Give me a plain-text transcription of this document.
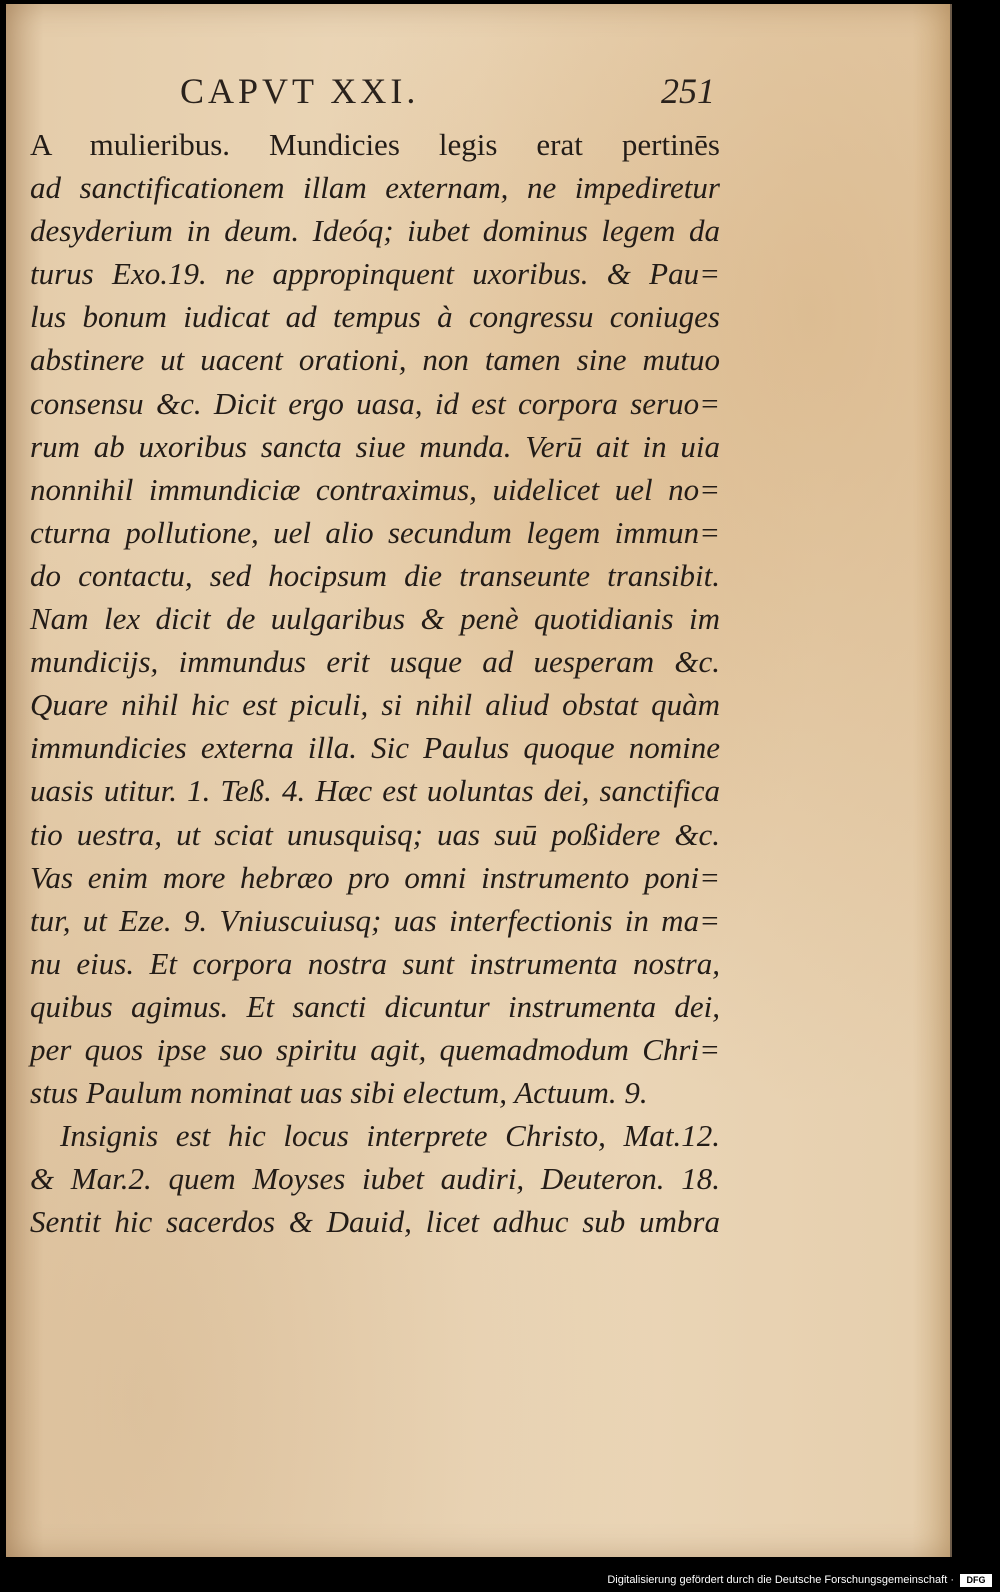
CAPVT XXI.	251
A mulieribus. Mundicies legis erat pertinēs
ad sanctificationem illam externam, ne impediretur
desyderium in deum. Ideóq; iubet dominus legem da
turus Exo.19. ne appropinquent uxoribus. & Pau=
lus bonum iudicat ad tempus à congressu coniuges
abstinere ut uacent orationi, non tamen sine mutuo
consensu &c. Dicit ergo uasa, id est corpora seruo=
rum ab uxoribus sancta siue munda. Verū ait in uia
nonnihil immundiciæ contraximus, uidelicet uel no=
cturna pollutione, uel alio secundum legem immun=
do contactu, sed hocipsum die transeunte transibit.
Nam lex dicit de uulgaribus & penè quotidianis im
mundicijs, immundus erit usque ad uesperam &c.
Quare nihil hic est piculi, si nihil aliud obstat quàm
immundicies externa illa. Sic Paulus quoque nomine
uasis utitur. 1. Teß. 4. Hæc est uoluntas dei, sanctifica
tio uestra, ut sciat unusquisq; uas suū poßidere &c.
Vas enim more hebræo pro omni instrumento poni=
tur, ut Eze. 9. Vniuscuiusq; uas interfectionis in ma=
nu eius. Et corpora nostra sunt instrumenta nostra,
quibus agimus. Et sancti dicuntur instrumenta dei,
per quos ipse suo spiritu agit, quemadmodum Chri=
stus Paulum nominat uas sibi electum, Actuum. 9.
Insignis est hic locus interprete Christo, Mat.12.
& Mar.2. quem Moyses iubet audiri, Deuteron. 18.
Sentit hic sacerdos & Dauid, licet adhuc sub umbra
Digitalisierung gefördert durch die Deutsche Forschungsgemeinschaft ·	DFG
